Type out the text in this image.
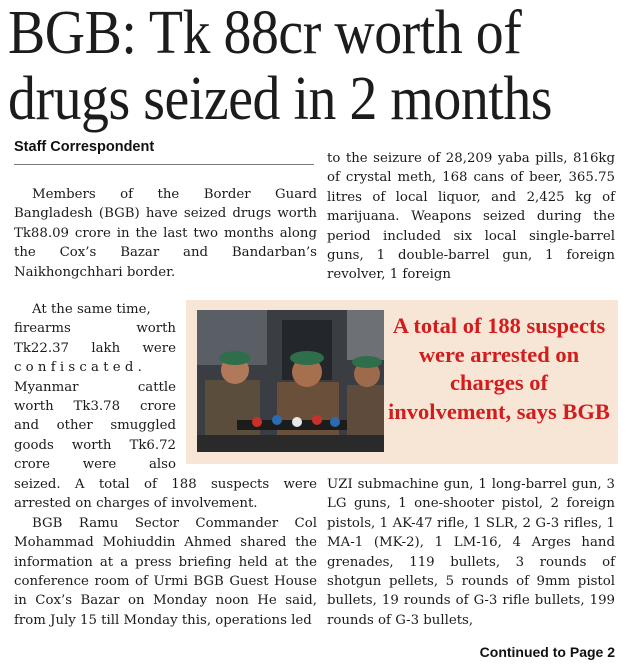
BGB: Tk 88cr worth of
drugs seized in 2 months
Staff Correspondent

Members of the Border Guard Bangladesh (BGB) have seized drugs worth Tk88.09 crore in the last two months along the Cox’s Bazar and Bandarban’s Naikhongchhari border.

At the same time,

firearms worth

Tk22.37 lakh were

c o n f i s c a t e d .

Myanmar cattle

worth Tk3.78 crore

and other smuggled

goods worth Tk6.72

crore were also

seized. A total of 188 suspects were arrested on charges of involvement.

BGB Ramu Sector Commander Col Mohammad Mohiuddin Ahmed shared the information at a press briefing held at the conference room of Urmi BGB Guest House in Cox’s Bazar on Monday noon He said, from July 15 till Monday this, operations led

to the seizure of 28,209 yaba pills, 816kg of crystal meth, 168 cans of beer, 365.75 litres of local liquor, and 2,425 kg of marijuana. Weapons seized during the period included six local single-barrel guns, 1 double-barrel gun, 1 foreign revolver, 1 foreign

A total of 188 suspects were arrested on charges of involvement, says BGB

UZI submachine gun, 1 long-barrel gun, 3 LG guns, 1 one-shooter pistol, 2 foreign pistols, 1 AK-47 rifle, 1 SLR, 2 G-3 rifles, 1 MA-1 (MK-2), 1 LM-16, 4 Arges hand grenades, 119 bullets, 3 rounds of shotgun pellets, 5 rounds of 9mm pistol bullets, 19 rounds of G-3 rifle bullets, 199 rounds of G-3 bullets,

Continued to Page 2
